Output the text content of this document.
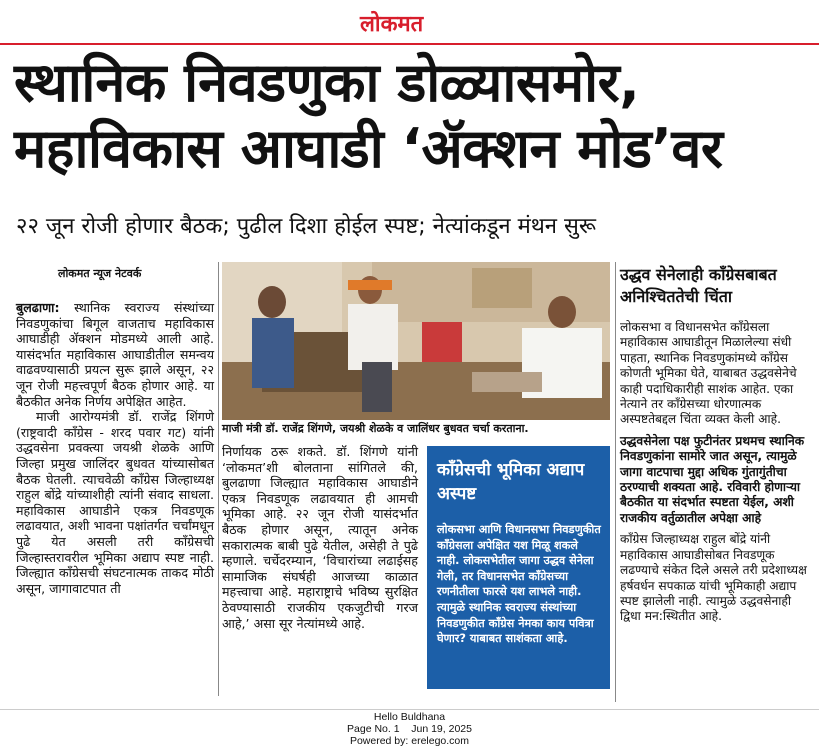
लोकमत
स्थानिक निवडणुका डोळ्यासमोर, महाविकास आघाडी ‘ॲक्शन मोड’वर

२२ जून रोजी होणार बैठक; पुढील दिशा होईल स्पष्ट; नेत्यांकडून मंथन सुरू

लोकमत न्यूज नेटवर्क

बुलढाणा: स्थानिक स्वराज्य संस्थांच्या निवडणुकांचा बिगूल वाजताच महाविकास आघाडीही ॲक्शन मोडमध्ये आली आहे. यासंदर्भात महाविकास आघाडीतील समन्वय वाढवण्यासाठी प्रयत्न सुरू झाले असून, २२ जून रोजी महत्त्वपूर्ण बैठक होणार आहे. या बैठकीत अनेक निर्णय अपेक्षित आहेत.

माजी आरोग्यमंत्री डॉ. राजेंद्र शिंगणे (राष्ट्रवादी काँग्रेस - शरद पवार गट) यांनी उद्धवसेना प्रवक्त्या जयश्री शेळके आणि जिल्हा प्रमुख जालिंदर बुधवत यांच्यासोबत बैठक घेतली. त्याचवेळी काँग्रेस जिल्हाध्यक्ष राहुल बोंद्रे यांच्याशीही त्यांनी संवाद साधला. महाविकास आघाडीने एकत्र निवडणूक लढावयात, अशी भावना पक्षांतर्गत चर्चांमधून पुढे येत असली तरी काँग्रेसची जिल्हास्तरावरील भूमिका अद्याप स्पष्ट नाही. जिल्ह्यात काँग्रेसची संघटनात्मक ताकद मोठी असून, जागावाटपात ती

माजी मंत्री डॉ. राजेंद्र शिंगणे, जयश्री शेळके व जालिंधर बुधवत चर्चा करताना.

निर्णायक ठरू शकते. डॉ. शिंगणे यांनी ‘लोकमत’शी बोलताना सांगितले की, बुलढाणा जिल्ह्यात महाविकास आघाडीने एकत्र निवडणूक लढावयात ही आमची भूमिका आहे. २२ जून रोजी यासंदर्भात बैठक होणार असून, त्यातून अनेक सकारात्मक बाबी पुढे येतील, असेही ते पुढे म्हणाले. चर्चेदरम्यान, ‘विचारांच्या लढाईसह सामाजिक संघर्षही आजच्या काळात महत्त्वाचा आहे. महाराष्ट्राचे भविष्य सुरक्षित ठेवण्यासाठी राजकीय एकजुटीची गरज आहे,’ असा सूर नेत्यांमध्ये आहे.

काँग्रेसची भूमिका अद्याप अस्पष्ट
लोकसभा आणि विधानसभा निवडणुकीत काँग्रेसला अपेक्षित यश मिळू शकले नाही. लोकसभेतील जागा उद्धव सेनेला गेली, तर विधानसभेत काँग्रेसच्या रणनीतीला फारसे यश लाभले नाही. त्यामुळे स्थानिक स्वराज्य संस्थांच्या निवडणुकीत काँग्रेस नेमका काय पवित्रा घेणार? याबाबत साशंकता आहे.
उद्धव सेनेलाही काँग्रेसबाबत अनिश्चिततेची चिंता

लोकसभा व विधानसभेत काँग्रेसला महाविकास आघाडीतून मिळालेल्या संधी पाहता, स्थानिक निवडणुकांमध्ये काँग्रेस कोणती भूमिका घेते, याबाबत उद्धवसेनेचे काही पदाधिकारीही साशंक आहेत. एका नेत्याने तर काँग्रेसच्या धोरणात्मक अस्पष्टतेबद्दल चिंता व्यक्त केली आहे.

उद्धवसेनेला पक्ष फुटीनंतर प्रथमच स्थानिक निवडणुकांना सामोरे जात असून, त्यामुळे जागा वाटपाचा मुद्दा अधिक गुंतागुंतीचा ठरण्याची शक्यता आहे. रविवारी होणाऱ्या बैठकीत या संदर्भात स्पष्टता येईल, अशी राजकीय वर्तुळातील अपेक्षा आहे

काँग्रेस जिल्हाध्यक्ष राहुल बोंद्रे यांनी महाविकास आघाडीसोबत निवडणूक लढण्याचे संकेत दिले असले तरी प्रदेशाध्यक्ष हर्षवर्धन सपकाळ यांची भूमिकाही अद्याप स्पष्ट झालेली नाही. त्यामुळे उद्धवसेनाही द्विधा मन:स्थितीत आहे.

Hello Buldhana
Page No. 1 Jun 19, 2025
Powered by: erelego.com
